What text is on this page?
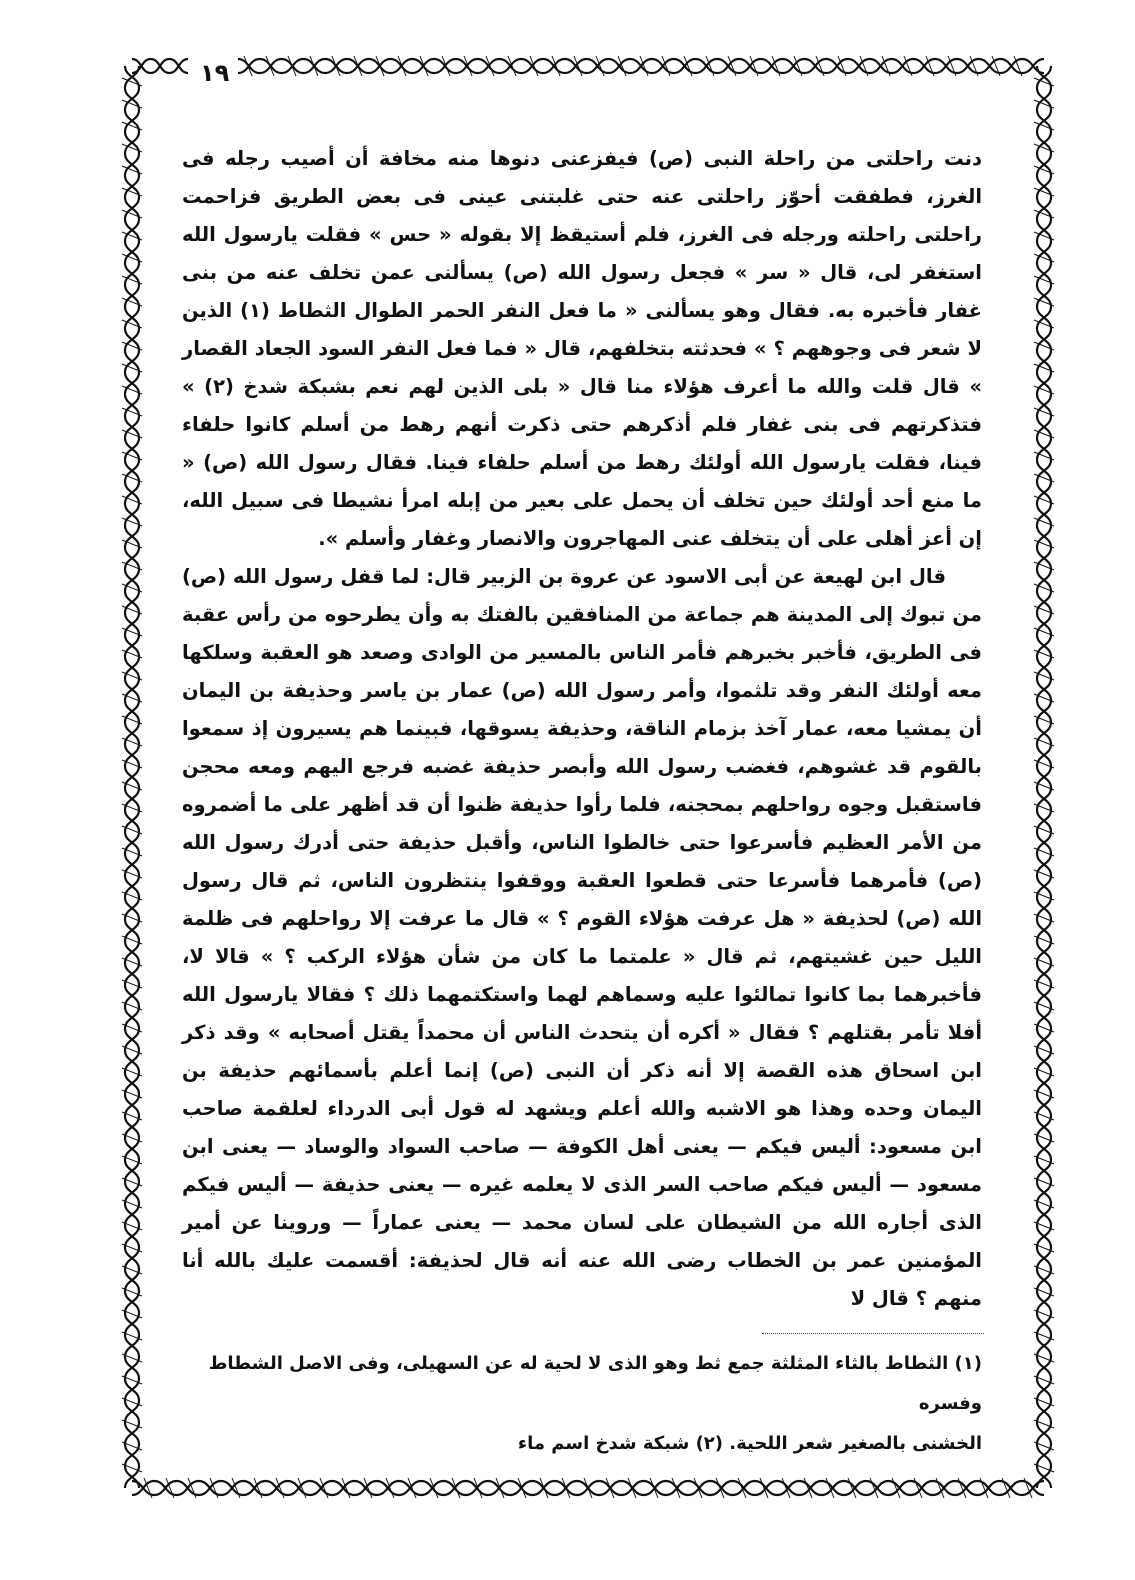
١٩

دنت راحلتى من راحلة النبى (ص) فيفزعنى دنوها منه مخافة أن أصيب رجله فى الغرز، فطفقت أحوّز راحلتى عنه حتى غلبتنى عينى فى بعض الطريق فزاحمت راحلتى راحلته ورجله فى الغرز، فلم أستيقظ إلا بقوله « حس » فقلت يارسول الله استغفر لى، قال « سر » فجعل رسول الله (ص) يسألنى عمن تخلف عنه من بنى غفار فأخبره به. فقال وهو يسألنى « ما فعل النفر الحمر الطوال الثطاط (١) الذين لا شعر فى وجوههم ؟ » فحدثته بتخلفهم، قال « فما فعل النفر السود الجعاد القصار » قال قلت والله ما أعرف هؤلاء منا قال « بلى الذين لهم نعم بشبكة شدخ (٢) » فتذكرتهم فى بنى غفار فلم أذكرهم حتى ذكرت أنهم رهط من أسلم كانوا حلفاء فينا، فقلت يارسول الله أولئك رهط من أسلم حلفاء فينا. فقال رسول الله (ص) « ما منع أحد أولئك حين تخلف أن يحمل على بعير من إبله امرأ نشيطا فى سبيل الله، إن أعز أهلى على أن يتخلف عنى المهاجرون والانصار وغفار وأسلم ».

قال ابن لهيعة عن أبى الاسود عن عروة بن الزبير قال: لما قفل رسول الله (ص) من تبوك إلى المدينة هم جماعة من المنافقين بالفتك به وأن يطرحوه من رأس عقبة فى الطريق، فأخبر بخبرهم فأمر الناس بالمسير من الوادى وصعد هو العقبة وسلكها معه أولئك النفر وقد تلثموا، وأمر رسول الله (ص) عمار بن ياسر وحذيفة بن اليمان أن يمشيا معه، عمار آخذ بزمام الناقة، وحذيفة يسوقها، فبينما هم يسيرون إذ سمعوا بالقوم قد غشوهم، فغضب رسول الله وأبصر حذيفة غضبه فرجع اليهم ومعه محجن فاستقبل وجوه رواحلهم بمحجنه، فلما رأوا حذيفة ظنوا أن قد أظهر على ما أضمروه من الأمر العظيم فأسرعوا حتى خالطوا الناس، وأقبل حذيفة حتى أدرك رسول الله (ص) فأمرهما فأسرعا حتى قطعوا العقبة ووقفوا ينتظرون الناس، ثم قال رسول الله (ص) لحذيفة « هل عرفت هؤلاء القوم ؟ » قال ما عرفت إلا رواحلهم فى ظلمة الليل حين غشيتهم، ثم قال « علمتما ما كان من شأن هؤلاء الركب ؟ » قالا لا، فأخبرهما بما كانوا تمالئوا عليه وسماهم لهما واستكتمهما ذلك ؟ فقالا يارسول الله أفلا تأمر بقتلهم ؟ فقال « أكره أن يتحدث الناس أن محمداً يقتل أصحابه » وقد ذكر ابن اسحاق هذه القصة إلا أنه ذكر أن النبى (ص) إنما أعلم بأسمائهم حذيفة بن اليمان وحده وهذا هو الاشبه والله أعلم ويشهد له قول أبى الدرداء لعلقمة صاحب ابن مسعود: أليس فيكم — يعنى أهل الكوفة — صاحب السواد والوساد — يعنى ابن مسعود — أليس فيكم صاحب السر الذى لا يعلمه غيره — يعنى حذيفة — أليس فيكم الذى أجاره الله من الشيطان على لسان محمد — يعنى عماراً — وروينا عن أمير المؤمنين عمر بن الخطاب رضى الله عنه أنه قال لحذيفة: أقسمت عليك بالله أنا منهم ؟ قال لا

(١) الثطاط بالثاء المثلثة جمع ثط وهو الذى لا لحية له عن السهيلى، وفى الاصل الشطاط وفسره

الخشنى بالصغير شعر اللحية. (٢) شبكة شدخ اسم ماء
